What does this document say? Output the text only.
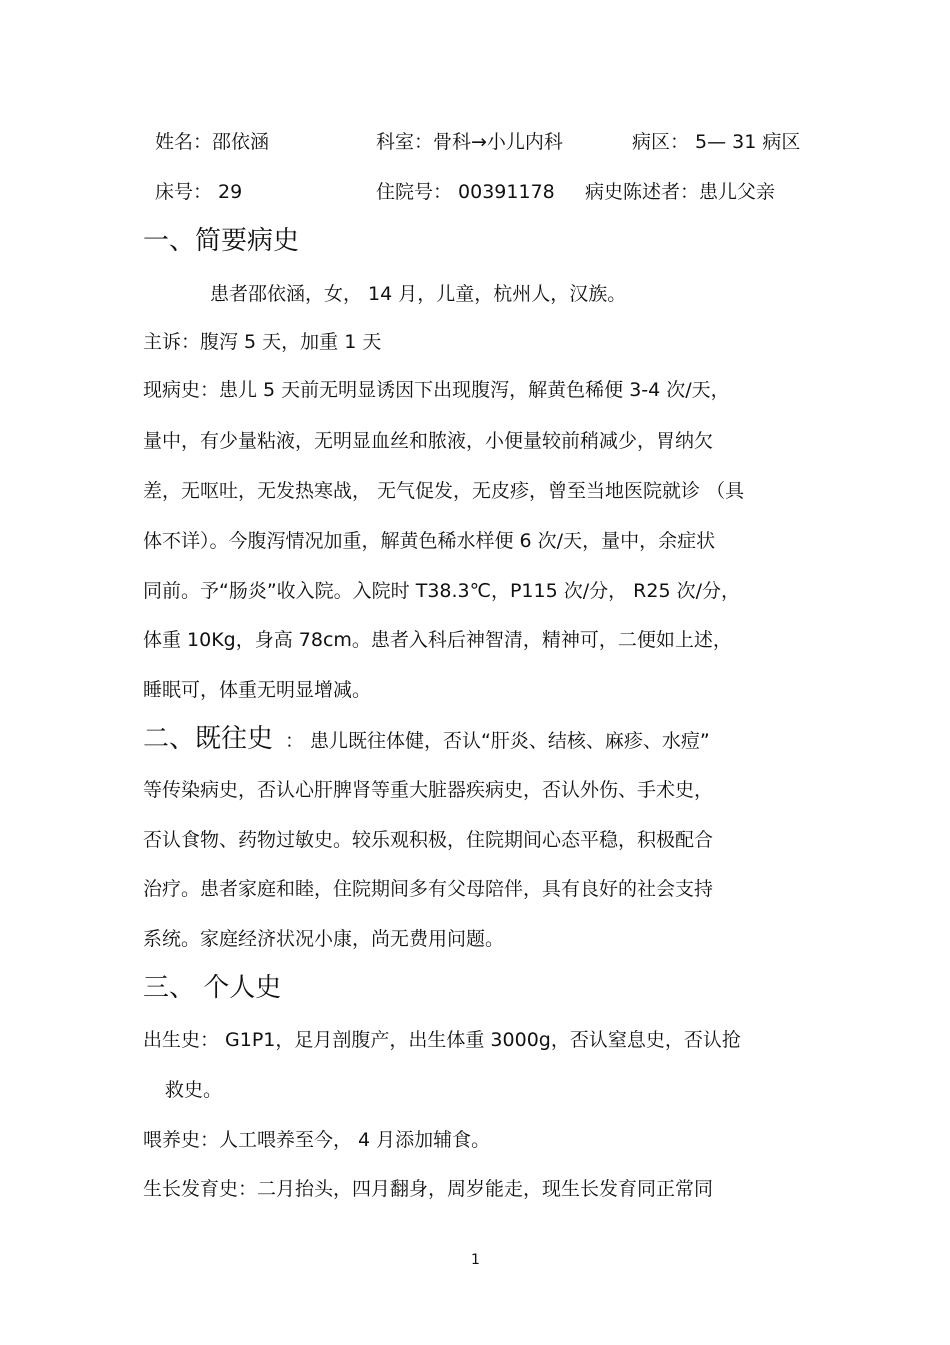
姓名：邵依涵	科室：骨科→小儿内科	病区： 5— 31 病区
床号： 29	住院号： 00391178 病史陈述者：患儿父亲
一、简要病史
患者邵依涵，女， 14 月，儿童，杭州人，汉族。
主诉：腹泻 5 天，加重 1 天
现病史：患儿 5 天前无明显诱因下出现腹泻，解黄色稀便 3-4 次/天，
量中，有少量粘液，无明显血丝和脓液，小便量较前稍减少，胃纳欠
差，无呕吐，无发热寒战， 无气促发，无皮疹，曾至当地医院就诊 （具
体不详）。今腹泻情况加重，解黄色稀水样便 6 次/天，量中，余症状
同前。予“肠炎”收入院。入院时 T38.3℃，P115 次/分， R25 次/分，
体重 10Kg，身高 78cm。患者入科后神智清，精神可，二便如上述，
睡眠可，体重无明显增减。
二、既往史 ： 患儿既往体健，否认“肝炎、结核、麻疹、水痘”
等传染病史，否认心肝脾肾等重大脏器疾病史，否认外伤、手术史，
否认食物、药物过敏史。较乐观积极，住院期间心态平稳，积极配合
治疗。患者家庭和睦，住院期间多有父母陪伴，具有良好的社会支持
系统。家庭经济状况小康，尚无费用问题。
三、 个人史
出生史： G1P1，足月剖腹产，出生体重 3000g，否认窒息史，否认抢
救史。
喂养史：人工喂养至今， 4 月添加辅食。
生长发育史：二月抬头，四月翻身，周岁能走，现生长发育同正常同
1
